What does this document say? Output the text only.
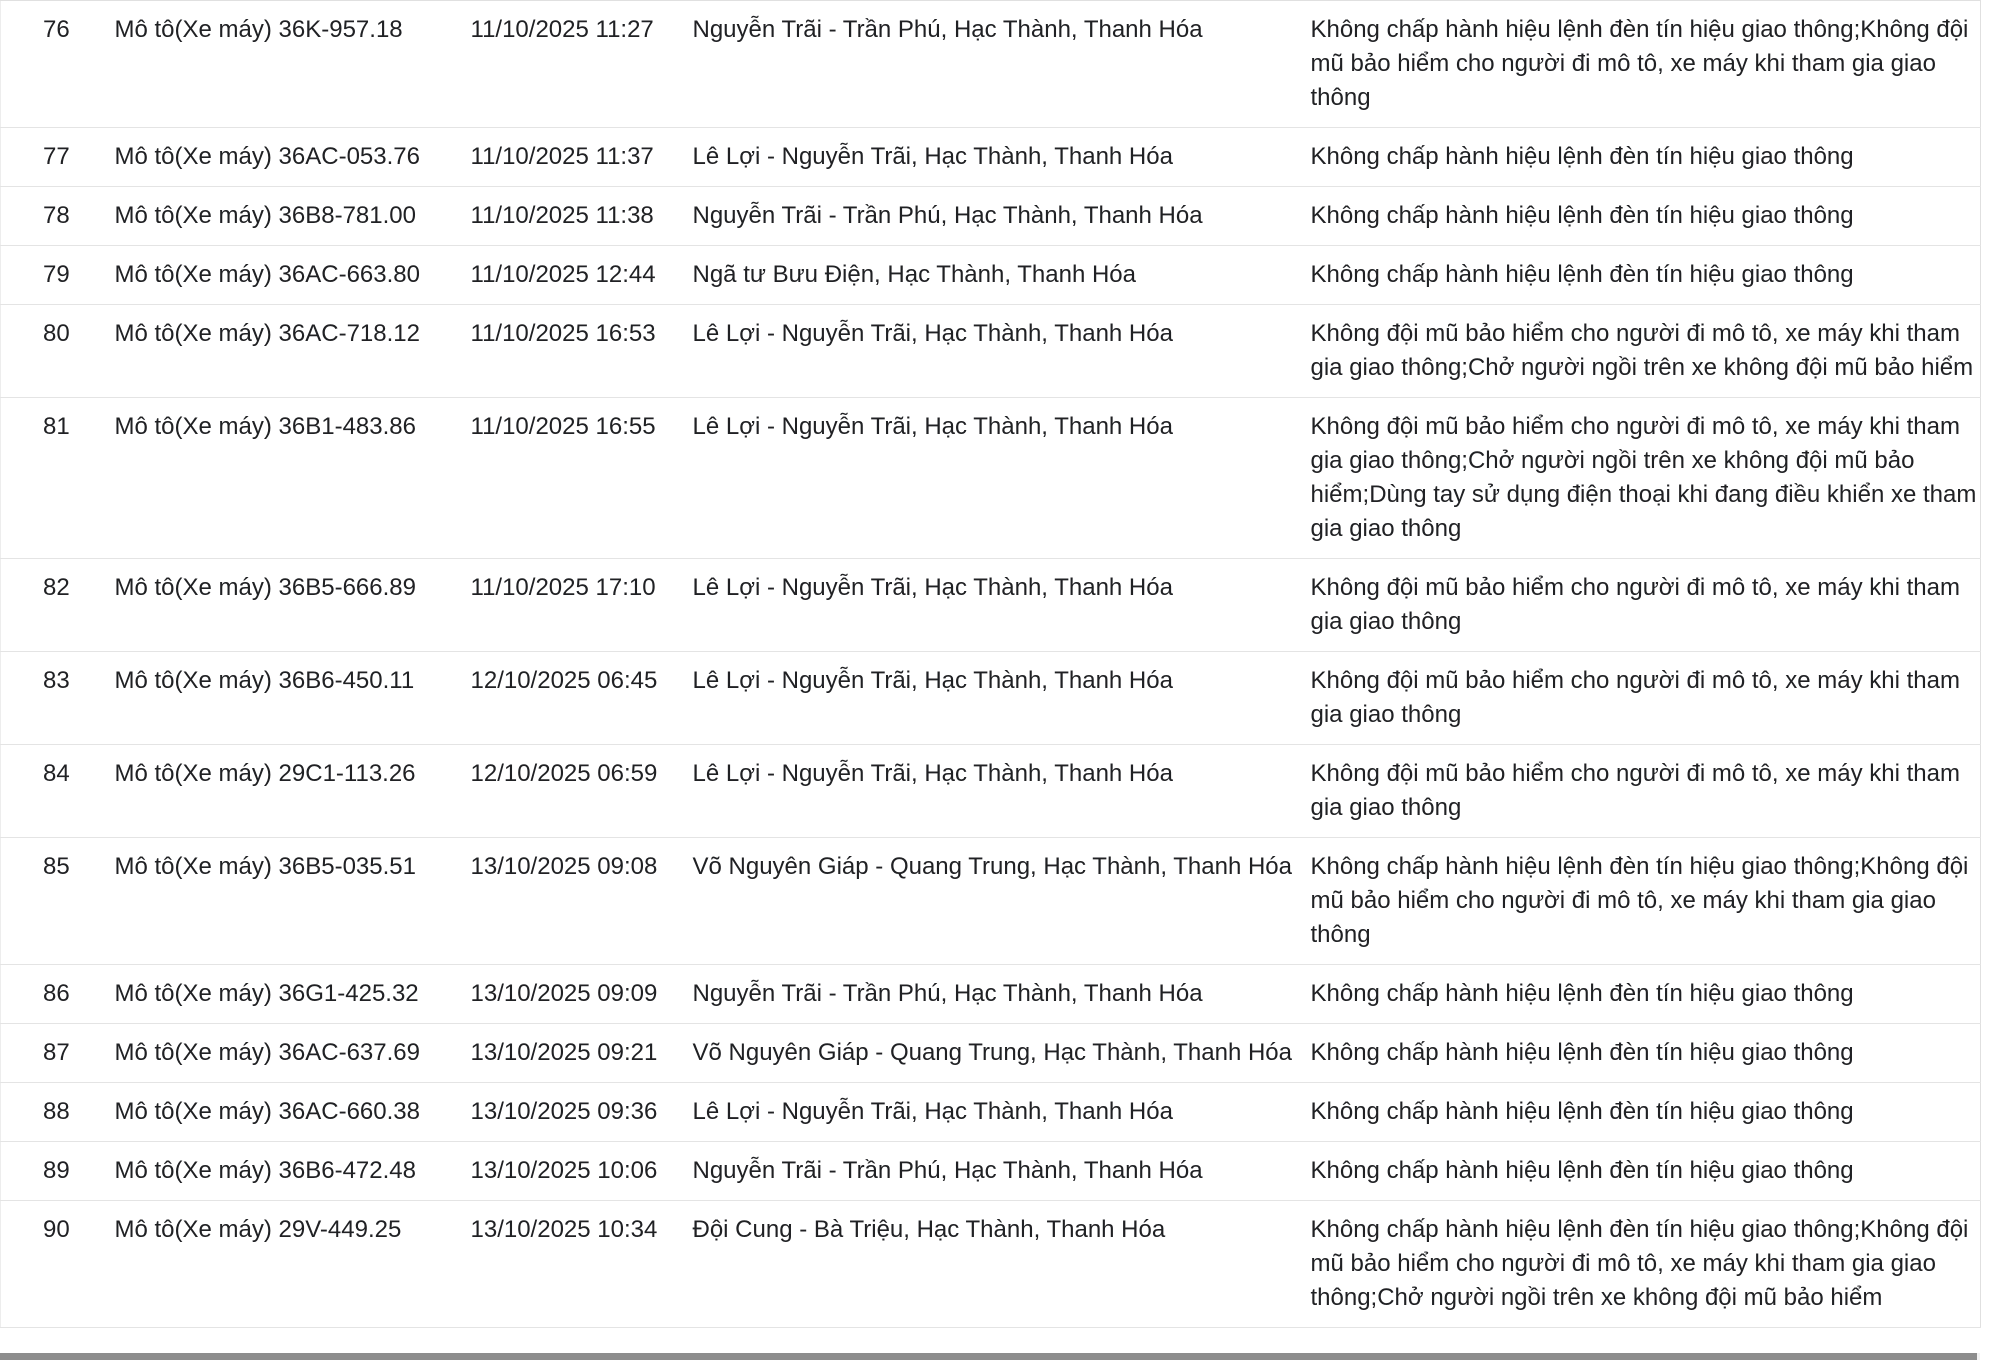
76	Mô tô(Xe máy) 36K-957.18	11/10/2025 11:27	Nguyễn Trãi - Trần Phú, Hạc Thành, Thanh Hóa	Không chấp hành hiệu lệnh đèn tín hiệu giao thông;Không đội mũ bảo hiểm cho người đi mô tô, xe máy khi tham gia giao thông
77	Mô tô(Xe máy) 36AC-053.76	11/10/2025 11:37	Lê Lợi - Nguyễn Trãi, Hạc Thành, Thanh Hóa	Không chấp hành hiệu lệnh đèn tín hiệu giao thông
78	Mô tô(Xe máy) 36B8-781.00	11/10/2025 11:38	Nguyễn Trãi - Trần Phú, Hạc Thành, Thanh Hóa	Không chấp hành hiệu lệnh đèn tín hiệu giao thông
79	Mô tô(Xe máy) 36AC-663.80	11/10/2025 12:44	Ngã tư Bưu Điện, Hạc Thành, Thanh Hóa	Không chấp hành hiệu lệnh đèn tín hiệu giao thông
80	Mô tô(Xe máy) 36AC-718.12	11/10/2025 16:53	Lê Lợi - Nguyễn Trãi, Hạc Thành, Thanh Hóa	Không đội mũ bảo hiểm cho người đi mô tô, xe máy khi tham gia giao thông;Chở người ngồi trên xe không đội mũ bảo hiểm
81	Mô tô(Xe máy) 36B1-483.86	11/10/2025 16:55	Lê Lợi - Nguyễn Trãi, Hạc Thành, Thanh Hóa	Không đội mũ bảo hiểm cho người đi mô tô, xe máy khi tham gia giao thông;Chở người ngồi trên xe không đội mũ bảo hiểm;Dùng tay sử dụng điện thoại khi đang điều khiển xe tham gia giao thông
82	Mô tô(Xe máy) 36B5-666.89	11/10/2025 17:10	Lê Lợi - Nguyễn Trãi, Hạc Thành, Thanh Hóa	Không đội mũ bảo hiểm cho người đi mô tô, xe máy khi tham gia giao thông
83	Mô tô(Xe máy) 36B6-450.11	12/10/2025 06:45	Lê Lợi - Nguyễn Trãi, Hạc Thành, Thanh Hóa	Không đội mũ bảo hiểm cho người đi mô tô, xe máy khi tham gia giao thông
84	Mô tô(Xe máy) 29C1-113.26	12/10/2025 06:59	Lê Lợi - Nguyễn Trãi, Hạc Thành, Thanh Hóa	Không đội mũ bảo hiểm cho người đi mô tô, xe máy khi tham gia giao thông
85	Mô tô(Xe máy) 36B5-035.51	13/10/2025 09:08	Võ Nguyên Giáp - Quang Trung, Hạc Thành, Thanh Hóa	Không chấp hành hiệu lệnh đèn tín hiệu giao thông;Không đội mũ bảo hiểm cho người đi mô tô, xe máy khi tham gia giao thông
86	Mô tô(Xe máy) 36G1-425.32	13/10/2025 09:09	Nguyễn Trãi - Trần Phú, Hạc Thành, Thanh Hóa	Không chấp hành hiệu lệnh đèn tín hiệu giao thông
87	Mô tô(Xe máy) 36AC-637.69	13/10/2025 09:21	Võ Nguyên Giáp - Quang Trung, Hạc Thành, Thanh Hóa	Không chấp hành hiệu lệnh đèn tín hiệu giao thông
88	Mô tô(Xe máy) 36AC-660.38	13/10/2025 09:36	Lê Lợi - Nguyễn Trãi, Hạc Thành, Thanh Hóa	Không chấp hành hiệu lệnh đèn tín hiệu giao thông
89	Mô tô(Xe máy) 36B6-472.48	13/10/2025 10:06	Nguyễn Trãi - Trần Phú, Hạc Thành, Thanh Hóa	Không chấp hành hiệu lệnh đèn tín hiệu giao thông
90	Mô tô(Xe máy) 29V-449.25	13/10/2025 10:34	Đội Cung - Bà Triệu, Hạc Thành, Thanh Hóa	Không chấp hành hiệu lệnh đèn tín hiệu giao thông;Không đội mũ bảo hiểm cho người đi mô tô, xe máy khi tham gia giao thông;Chở người ngồi trên xe không đội mũ bảo hiểm
